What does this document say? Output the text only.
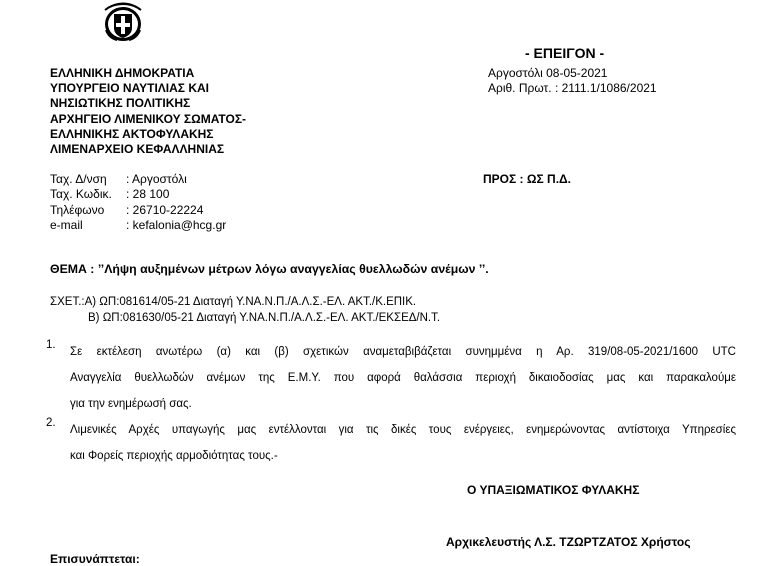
ΕΛΛΗΝΙΚΗ ΔΗΜΟΚΡΑΤΙΑ
ΥΠΟΥΡΓΕΙΟ ΝΑΥΤΙΛΙΑΣ ΚΑΙ
ΝΗΣΙΩΤΙΚΗΣ ΠΟΛΙΤΙΚΗΣ
ΑΡΧΗΓΕΙΟ ΛΙΜΕΝΙΚΟΥ ΣΩΜΑΤΟΣ-
ΕΛΛΗΝΙΚΗΣ ΑΚΤΟΦΥΛΑΚΗΣ
ΛΙΜΕΝΑΡΧΕΙΟ ΚΕΦΑΛΛΗΝΙΑΣ
Ταχ. Δ/νση	: Αργοστόλι
Ταχ. Κωδικ.	: 28 100
Τηλέφωνο	: 26710-22224
e-mail	: kefalonia@hcg.gr
- ΕΠΕΙΓΟΝ -
Αργοστόλι 08-05-2021
Αριθ. Πρωτ. : 2111.1/1086/2021
ΠΡΟΣ : ΩΣ Π.Δ.
ΘΕΜΑ : ’’Λήψη αυξημένων μέτρων λόγω αναγγελίας θυελλωδών ανέμων ’’.
ΣΧΕΤ.:Α) ΩΠ:081614/05-21 Διαταγή Υ.ΝΑ.Ν.Π./Α.Λ.Σ.-ΕΛ. ΑΚΤ./Κ.ΕΠΙΚ.
Β) ΩΠ:081630/05-21 Διαταγή Υ.ΝΑ.Ν.Π./Α.Λ.Σ.-ΕΛ. ΑΚΤ./ΕΚΣΕΔ/Ν.Τ.
1.

Σε εκτέλεση ανωτέρω (α) και (β) σχετικών αναμεταβιβάζεται συνημμένα η Αρ. 319/08-05-2021/1600 UTC

Αναγγελία θυελλωδών ανέμων της Ε.Μ.Υ. που αφορά θαλάσσια περιοχή δικαιοδοσίας μας και παρακαλούμε

για την ενημέρωσή σας.

2.

Λιμενικές Αρχές υπαγωγής μας εντέλλονται για τις δικές τους ενέργειες, ενημερώνοντας αντίστοιχα Υπηρεσίες

και Φορείς περιοχής αρμοδιότητας τους.-

Ο ΥΠΑΞΙΩΜΑΤΙΚΟΣ ΦΥΛΑΚΗΣ
Αρχικελευστής Λ.Σ. ΤΖΩΡΤΖΑΤΟΣ Χρήστος
Επισυνάπτεται:
